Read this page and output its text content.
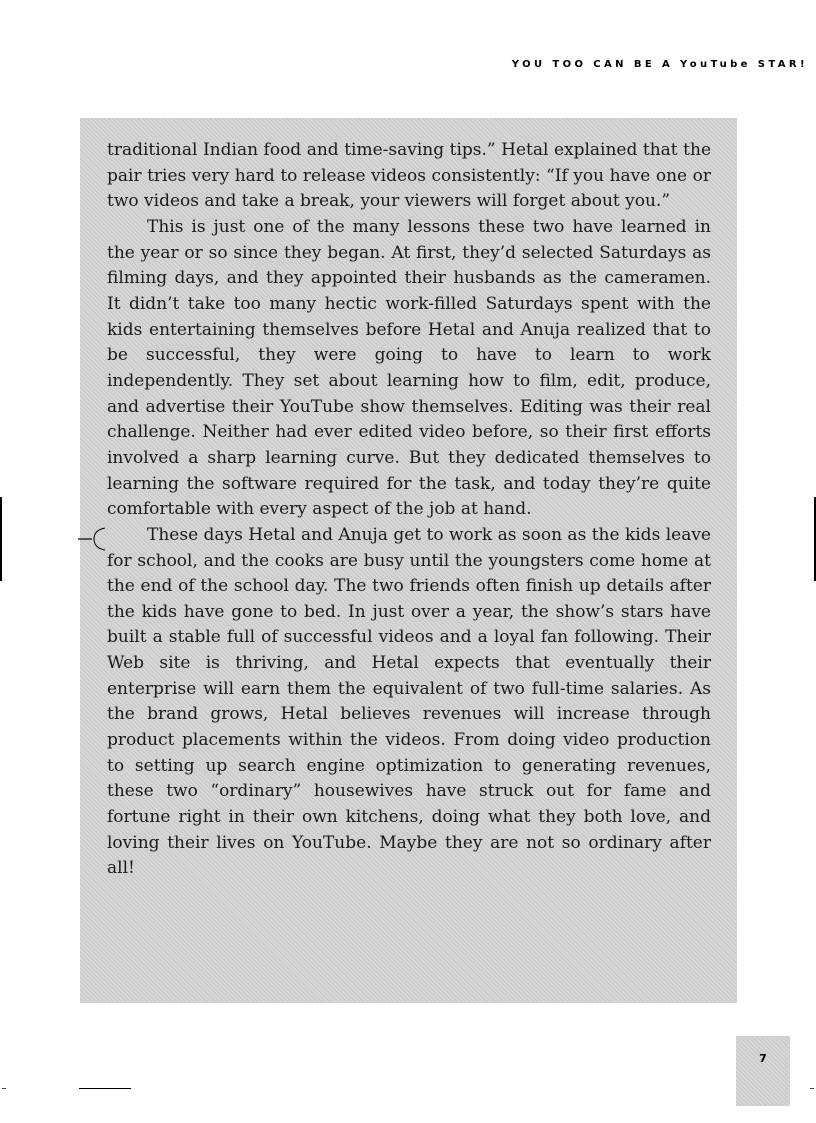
YOU TOO CAN BE A YouTube STAR!

traditional Indian food and time-saving tips.” Hetal explained that the pair tries very hard to release videos consistently: “If you have one or two videos and take a break, your viewers will forget about you.”

This is just one of the many lessons these two have learned in the year or so since they began. At first, they’d selected Saturdays as filming days, and they appointed their husbands as the cameramen. It didn’t take too many hectic work-filled Saturdays spent with the kids entertaining themselves before Hetal and Anuja realized that to be successful, they were going to have to learn to work independently. They set about learning how to film, edit, produce, and advertise their YouTube show themselves. Editing was their real challenge. Neither had ever edited video before, so their first efforts involved a sharp learning curve. But they dedicated themselves to learning the software required for the task, and today they’re quite comfortable with every aspect of the job at hand.

These days Hetal and Anuja get to work as soon as the kids leave for school, and the cooks are busy until the youngsters come home at the end of the school day. The two friends often finish up details after the kids have gone to bed. In just over a year, the show’s stars have built a stable full of successful videos and a loyal fan following. Their Web site is thriving, and Hetal expects that eventually their enterprise will earn them the equivalent of two full-time salaries. As the brand grows, Hetal believes revenues will increase through product placements within the videos. From doing video production to setting up search engine optimization to generating revenues, these two “ordinary” housewives have struck out for fame and fortune right in their own kitchens, doing what they both love, and loving their lives on YouTube. Maybe they are not so ordinary after all!

7
